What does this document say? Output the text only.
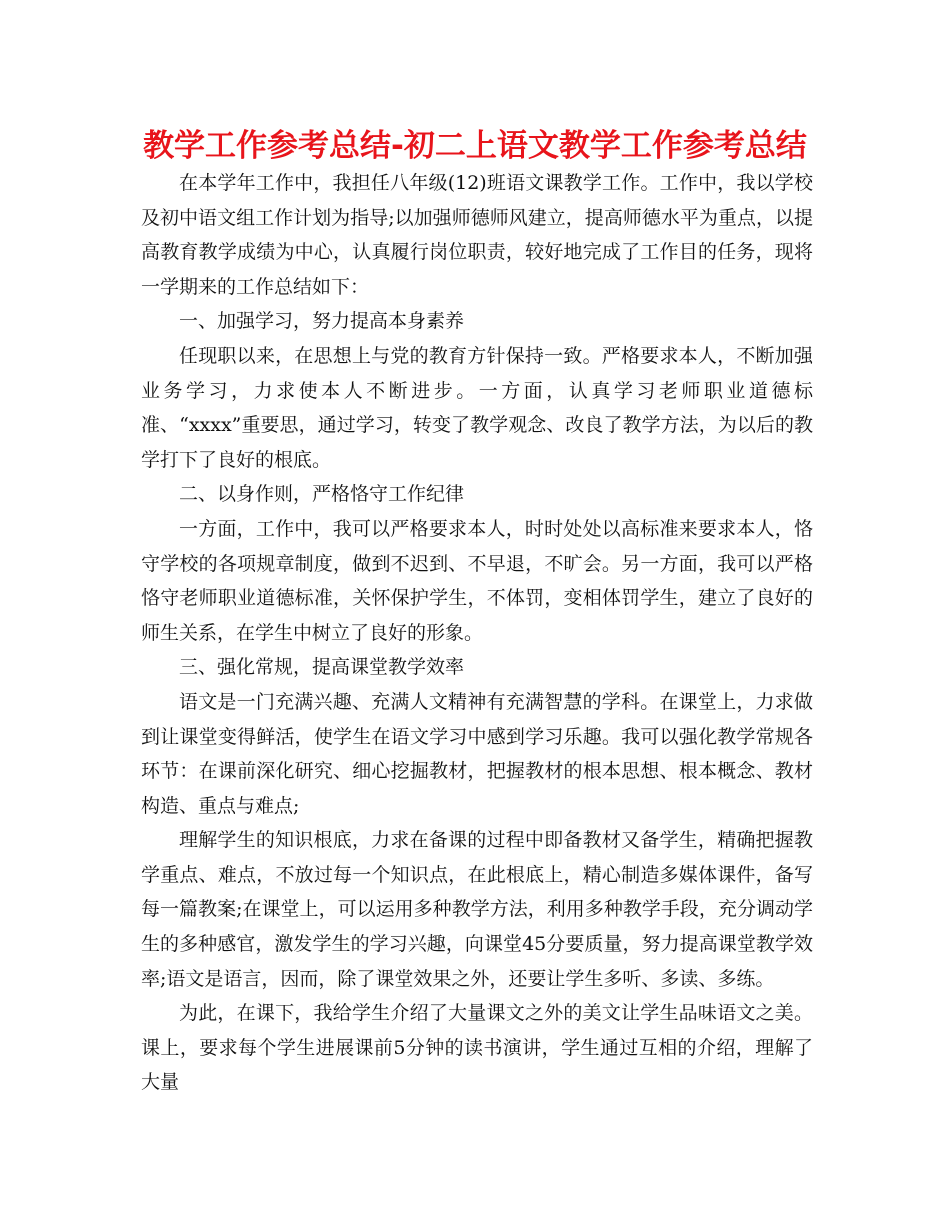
教学工作参考总结-初二上语文教学工作参考总结

在本学年工作中，我担任八年级(12)班语文课教学工作。工作中，我以学校及初中语文组工作计划为指导;以加强师德师风建立，提高师德水平为重点，以提高教育教学成绩为中心，认真履行岗位职责，较好地完成了工作目的任务，现将一学期来的工作总结如下：

一、加强学习，努力提高本身素养

任现职以来，在思想上与党的教育方针保持一致。严格要求本人，不断加强业务学习，力求使本人不断进步。一方面，认真学习老师职业道德标准、“xxxx”重要思，通过学习，转变了教学观念、改良了教学方法，为以后的教学打下了良好的根底。

二、以身作则，严格恪守工作纪律

一方面，工作中，我可以严格要求本人，时时处处以高标准来要求本人，恪守学校的各项规章制度，做到不迟到、不早退，不旷会。另一方面，我可以严格恪守老师职业道德标准，关怀保护学生，不体罚，变相体罚学生，建立了良好的师生关系，在学生中树立了良好的形象。

三、强化常规，提高课堂教学效率

语文是一门充满兴趣、充满人文精神有充满智慧的学科。在课堂上，力求做到让课堂变得鲜活，使学生在语文学习中感到学习乐趣。我可以强化教学常规各环节：在课前深化研究、细心挖掘教材，把握教材的根本思想、根本概念、教材构造、重点与难点;

理解学生的知识根底，力求在备课的过程中即备教材又备学生，精确把握教学重点、难点，不放过每一个知识点，在此根底上，精心制造多媒体课件，备写每一篇教案;在课堂上，可以运用多种教学方法，利用多种教学手段，充分调动学生的多种感官，激发学生的学习兴趣，向课堂45分要质量，努力提高课堂教学效率;语文是语言，因而，除了课堂效果之外，还要让学生多听、多读、多练。

为此，在课下，我给学生介绍了大量课文之外的美文让学生品味语文之美。课上，要求每个学生进展课前5分钟的读书演讲，学生通过互相的介绍，理解了大量
